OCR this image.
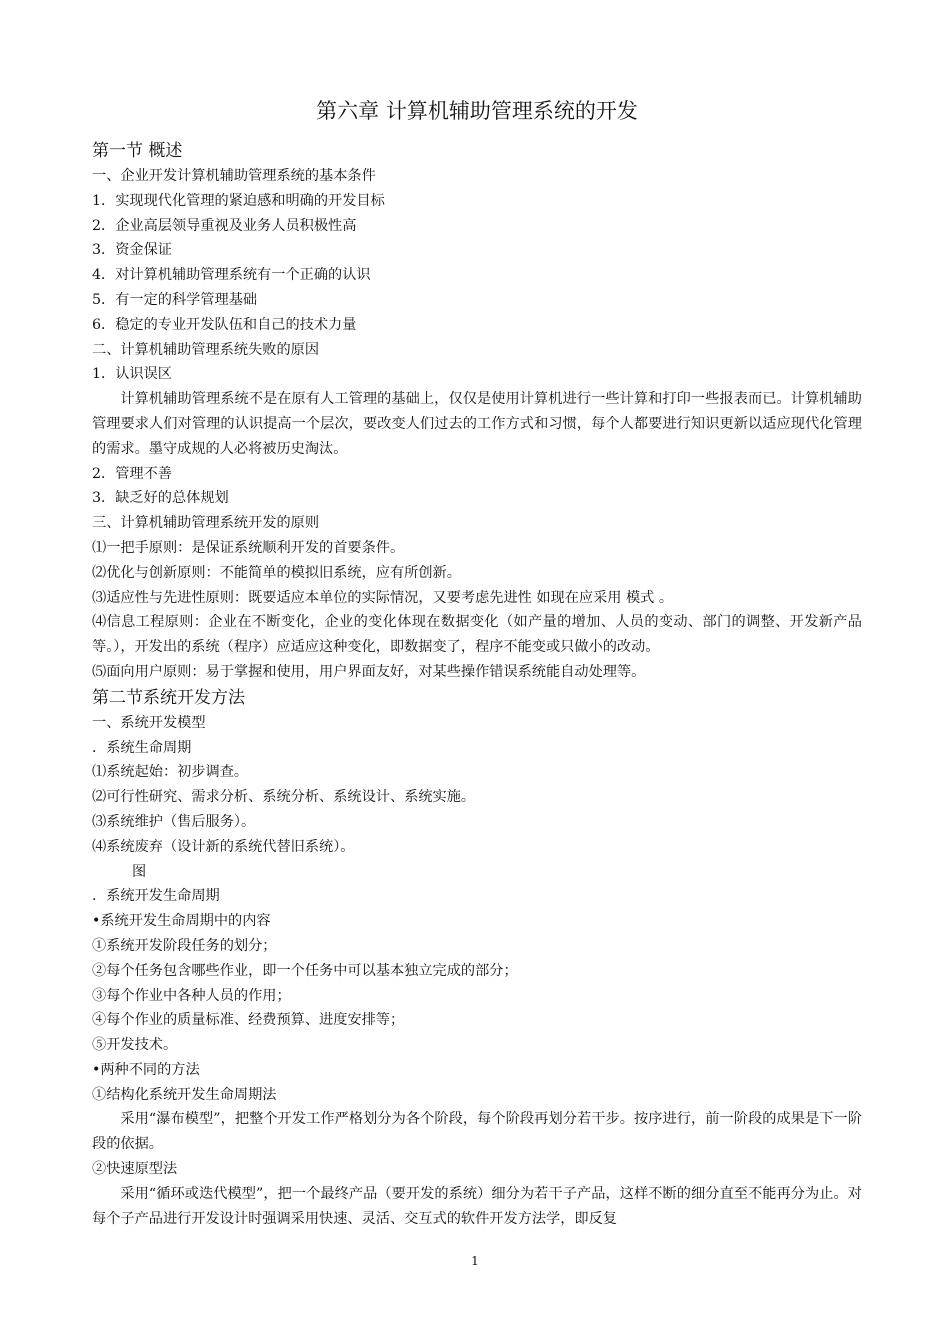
第六章 计算机辅助管理系统的开发
第一节 概述
一、企业开发计算机辅助管理系统的基本条件
1．实现现代化管理的紧迫感和明确的开发目标
2．企业高层领导重视及业务人员积极性高
3．资金保证
4．对计算机辅助管理系统有一个正确的认识
5．有一定的科学管理基础
6．稳定的专业开发队伍和自己的技术力量
二、计算机辅助管理系统失败的原因
1．认识误区
计算机辅助管理系统不是在原有人工管理的基础上，仅仅是使用计算机进行一些计算和打印一些报表而已。计算机辅助管理要求人们对管理的认识提高一个层次，要改变人们过去的工作方式和习惯，每个人都要进行知识更新以适应现代化管理的需求。墨守成规的人必将被历史淘汰。
2．管理不善
3．缺乏好的总体规划
三、计算机辅助管理系统开发的原则
⑴一把手原则：是保证系统顺利开发的首要条件。
⑵优化与创新原则：不能简单的模拟旧系统，应有所创新。
⑶适应性与先进性原则：既要适应本单位的实际情况，又要考虑先进性 如现在应采用 模式 。
⑷信息工程原则：企业在不断变化，企业的变化体现在数据变化（如产量的增加、人员的变动、部门的调整、开发新产品等。），开发出的系统（程序）应适应这种变化，即数据变了，程序不能变或只做小的改动。
⑸面向用户原则：易于掌握和使用，用户界面友好，对某些操作错误系统能自动处理等。
第二节系统开发方法
一、系统开发模型
．系统生命周期
⑴系统起始：初步调查。
⑵可行性研究、需求分析、系统分析、系统设计、系统实施。
⑶系统维护（售后服务）。
⑷系统废弃（设计新的系统代替旧系统）。
图
．系统开发生命周期
•系统开发生命周期中的内容
①系统开发阶段任务的划分；
②每个任务包含哪些作业，即一个任务中可以基本独立完成的部分；
③每个作业中各种人员的作用；
④每个作业的质量标准、经费预算、进度安排等；
⑤开发技术。
•两种不同的方法
①结构化系统开发生命周期法
采用“瀑布模型”，把整个开发工作严格划分为各个阶段，每个阶段再划分若干步。按序进行，前一阶段的成果是下一阶段的依据。
②快速原型法
采用“循环或迭代模型”，把一个最终产品（要开发的系统）细分为若干子产品，这样不断的细分直至不能再分为止。对每个子产品进行开发设计时强调采用快速、灵活、交互式的软件开发方法学，即反复
1
